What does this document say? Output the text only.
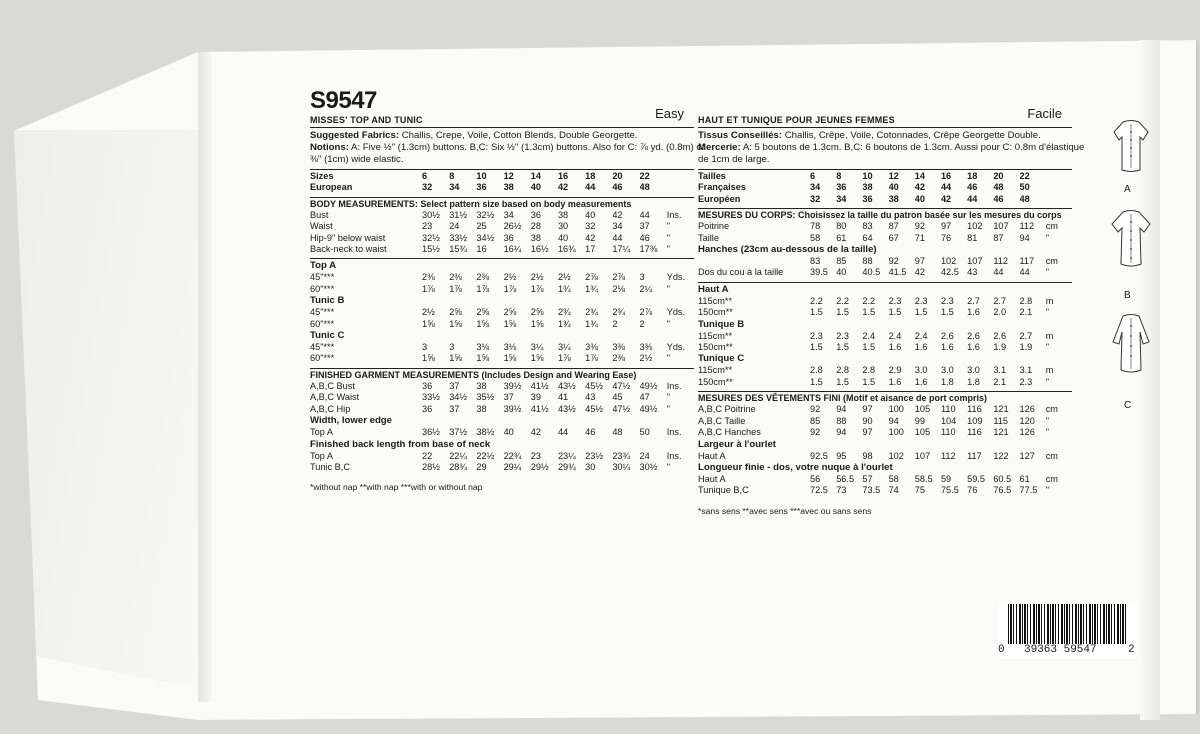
S9547	Easy
MISSES' TOP AND TUNIC
Suggested Fabrics: Challis, Crepe, Voile, Cotton Blends, Double Georgette.
Notions: A: Five ½" (1.3cm) buttons. B,C: Six ½" (1.3cm) buttons. Also for C: ⅞ yd. (0.8m) of
⅜" (1cm) wide elastic.
Sizes	6	8	10	12	14	16	18	20	22	
European	32	34	36	38	40	42	44	46	48	
BODY MEASUREMENTS: Select pattern size based on body measurements
Bust	30½	31½	32½	34	36	38	40	42	44	Ins.
Waist	23	24	25	26½	28	30	32	34	37	"
Hip-9" below waist	32½	33½	34½	36	38	40	42	44	46	"
Back-neck to waist	15½	15¾	16	16¼	16½	16¾	17	17¼	17⅜	"
Top A
45"***	2⅜	2⅜	2⅜	2½	2½	2½	2⅞	2⅞	3	Yds.
60"***	1⅞	1⅞	1⅞	1⅞	1⅞	1¾	1¾	2⅛	2¼	"
Tunic B
45"***	2½	2⅝	2⅝	2⅝	2⅝	2¾	2¾	2¾	2⅞	Yds.
60"***	1⅝	1⅝	1⅝	1⅝	1⅝	1¾	1¾	2	2	"
Tunic C
45"***	3	3	3⅛	3⅛	3¼	3¼	3⅜	3⅜	3⅜	Yds.
60"***	1⅝	1⅝	1⅝	1⅝	1⅝	1⅞	1⅞	2⅜	2½	"
FINISHED GARMENT MEASUREMENTS (Includes Design and Wearing Ease)
A,B,C Bust	36	37	38	39½	41½	43½	45½	47½	49½	Ins.
A,B,C Waist	33½	34½	35½	37	39	41	43	45	47	"
A,B,C Hip	36	37	38	39½	41½	43½	45½	47½	49½	"
Width, lower edge
Top A	36½	37½	38½	40	42	44	46	48	50	Ins.
Finished back length from base of neck
Top A	22	22¼	22½	22¾	23	23¼	23½	23¾	24	Ins.
Tunic B,C	28½	28¾	29	29¼	29½	29¾	30	30¼	30½	"
*without nap **with nap ***with or without nap
Facile
HAUT ET TUNIQUE POUR JEUNES FEMMES
Tissus Conseillés: Challis, Crêpe, Voile, Cotonnades, Crêpe Georgette Double.
Mercerie: A: 5 boutons de 1.3cm. B,C: 6 boutons de 1.3cm. Aussi pour C: 0.8m d'élastique
de 1cm de large.
Tailles	6	8	10	12	14	16	18	20	22	
Françaises	34	36	38	40	42	44	46	48	50	
Européen	32	34	36	38	40	42	44	46	48	
MESURES DU CORPS: Choisissez la taille du patron basée sur les mesures du corps
Poitrine	78	80	83	87	92	97	102	107	112	cm
Taille	58	61	64	67	71	76	81	87	94	"
Hanches (23cm au-dessous de la taille)
	83	85	88	92	97	102	107	112	117	cm
Dos du cou à la taille	39.5	40	40.5	41.5	42	42.5	43	44	44	"
Haut A
115cm**	2.2	2.2	2.2	2.3	2.3	2.3	2.7	2.7	2.8	m
150cm**	1.5	1.5	1.5	1.5	1.5	1.5	1.6	2.0	2.1	"
Tunique B
115cm**	2.3	2.3	2.4	2.4	2.4	2.6	2.6	2.6	2.7	m
150cm**	1.5	1.5	1.5	1.6	1.6	1.6	1.6	1.9	1.9	"
Tunique C
115cm**	2.8	2.8	2.8	2.9	3.0	3.0	3.0	3.1	3.1	m
150cm**	1.5	1.5	1.5	1.6	1.6	1.8	1.8	2.1	2.3	"
MESURES DES VÊTEMENTS FINI (Motif et aisance de port compris)
A,B,C Poitrine	92	94	97	100	105	110	116	121	126	cm
A,B,C Taille	85	88	90	94	99	104	109	115	120	"
A,B,C Hanches	92	94	97	100	105	110	116	121	126	"
Largeur à l'ourlet
Haut A	92.5	95	98	102	107	112	117	122	127	cm
Longueur finie - dos, votre nuque à l'ourlet
Haut A	56	56.5	57	58	58.5	59	59.5	60.5	61	cm
Tunique B,C	72.5	73	73.5	74	75	75.5	76	76.5	77.5	"
*sans sens **avec sens ***avec ou sans sens
A
B
C
0 39363 59547	2
